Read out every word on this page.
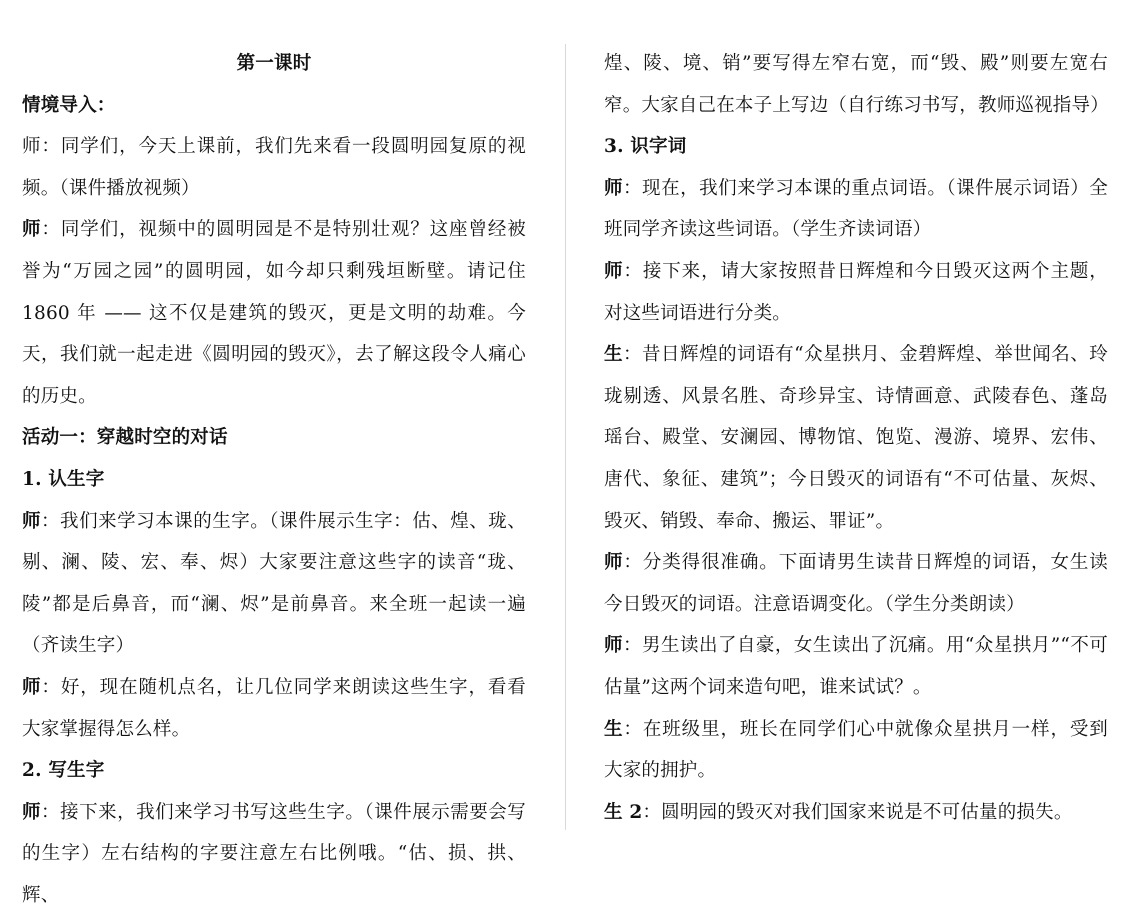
第一课时

情境导入：

师：同学们，今天上课前，我们先来看一段圆明园复原的视频。（课件播放视频）

师：同学们，视频中的圆明园是不是特别壮观？这座曾经被誉为“万园之园”的圆明园，如今却只剩残垣断壁。请记住 1860 年 —— 这不仅是建筑的毁灭，更是文明的劫难。今天，我们就一起走进《圆明园的毁灭》，去了解这段令人痛心的历史。

活动一：穿越时空的对话

1. 认生字

师：我们来学习本课的生字。（课件展示生字：估、煌、珑、剔、澜、陵、宏、奉、烬）大家要注意这些字的读音“珑、陵”都是后鼻音，而“澜、烬”是前鼻音。来全班一起读一遍（齐读生字）

师：好，现在随机点名，让几位同学来朗读这些生字，看看大家掌握得怎么样。

2. 写生字

师：接下来，我们来学习书写这些生字。（课件展示需要会写的生字）左右结构的字要注意左右比例哦。“估、损、拱、辉、

煌、陵、境、销”要写得左窄右宽，而“毁、殿”则要左宽右窄。大家自己在本子上写边（自行练习书写，教师巡视指导）

3. 识字词

师：现在，我们来学习本课的重点词语。（课件展示词语）全班同学齐读这些词语。（学生齐读词语）

师：接下来，请大家按照昔日辉煌和今日毁灭这两个主题，对这些词语进行分类。

生：昔日辉煌的词语有“众星拱月、金碧辉煌、举世闻名、玲珑剔透、风景名胜、奇珍异宝、诗情画意、武陵春色、蓬岛瑶台、殿堂、安澜园、博物馆、饱览、漫游、境界、宏伟、唐代、象征、建筑”；今日毁灭的词语有“不可估量、灰烬、毁灭、销毁、奉命、搬运、罪证”。

师：分类得很准确。下面请男生读昔日辉煌的词语，女生读今日毁灭的词语。注意语调变化。（学生分类朗读）

师：男生读出了自豪，女生读出了沉痛。用“众星拱月”“不可估量”这两个词来造句吧，谁来试试？。

生：在班级里，班长在同学们心中就像众星拱月一样，受到大家的拥护。

生 2：圆明园的毁灭对我们国家来说是不可估量的损失。
